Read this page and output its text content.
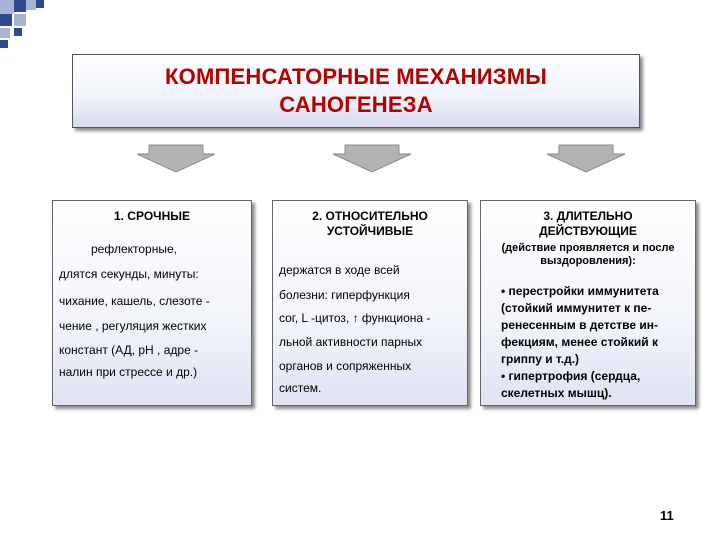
КОМПЕНСАТОРНЫЕ МЕХАНИЗМЫ
САНОГЕНЕЗА
1. СРОЧНЫЕ
рефлекторные,
длятся секунды, минуты:
чихание, кашель, слезоте -
чение , регуляция жестких
констант (АД, рН , адре -
налин при стрессе и др.)
2. ОТНОСИТЕЛЬНО
УСТОЙЧИВЫЕ
держатся в ходе всей
болезни: гиперфункция
сог, L -цитоз, ↑ функциона -
льной активности парных
органов и сопряженных
систем.
3. ДЛИТЕЛЬНО
ДЕЙСТВУЮЩИЕ
(действие проявляется и после
выздоровления):
• перестройки иммунитета
(стойкий иммунитет к пе-
ренесенным в детстве ин-
фекциям, менее стойкий к
гриппу и т.д.)
• гипертрофия (сердца,
скелетных мышц).
11
